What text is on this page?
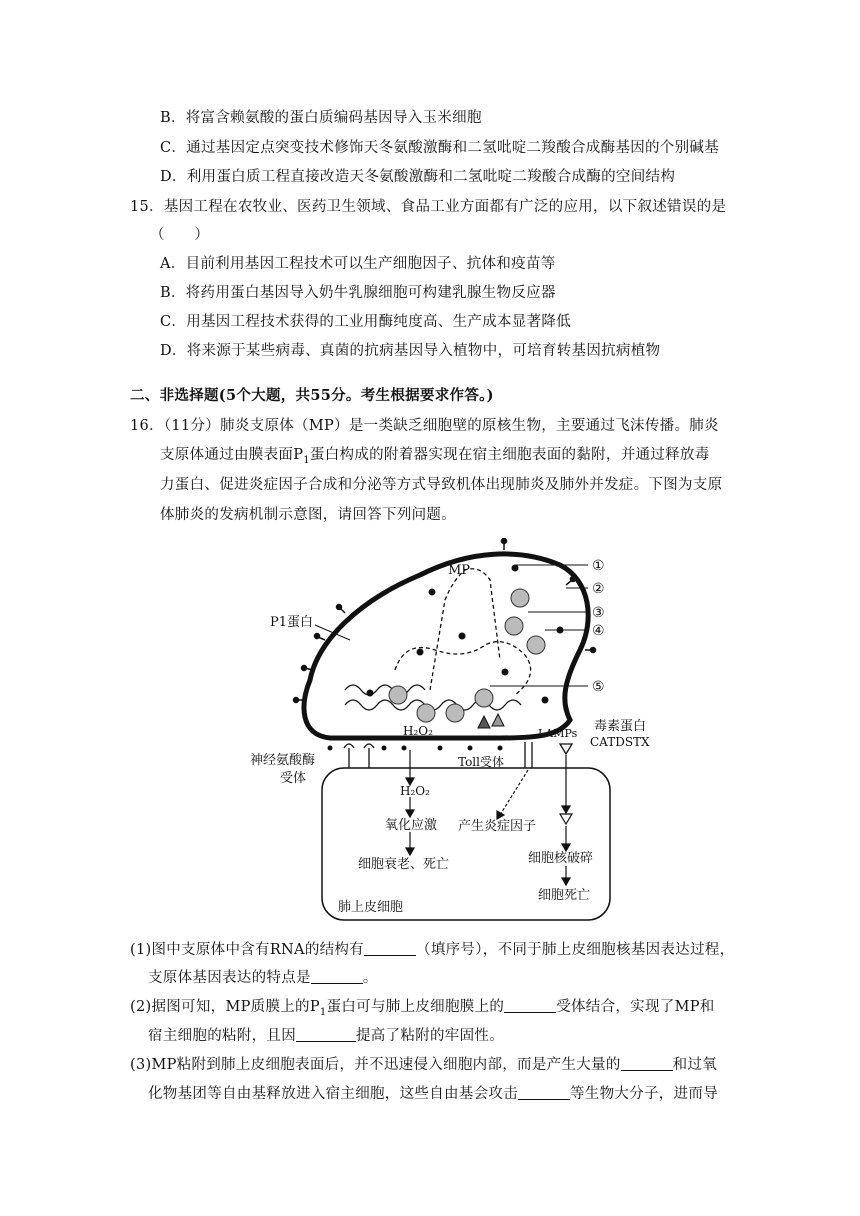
B．将富含赖氨酸的蛋白质编码基因导入玉米细胞
C．通过基因定点突变技术修饰天冬氨酸激酶和二氢吡啶二羧酸合成酶基因的个别碱基
D．利用蛋白质工程直接改造天冬氨酸激酶和二氢吡啶二羧酸合成酶的空间结构
15．基因工程在农牧业、医药卫生领域、食品工业方面都有广泛的应用，以下叙述错误的是
（　　）
A．目前利用基因工程技术可以生产细胞因子、抗体和疫苗等
B．将药用蛋白基因导入奶牛乳腺细胞可构建乳腺生物反应器
C．用基因工程技术获得的工业用酶纯度高、生产成本显著降低
D．将来源于某些病毒、真菌的抗病基因导入植物中，可培育转基因抗病植物
二、非选择题(5个大题，共55分。考生根据要求作答。)
16．（11分）肺炎支原体（MP）是一类缺乏细胞壁的原核生物，主要通过飞沫传播。肺炎
支原体通过由膜表面$P_1$蛋白构成的附着器实现在宿主细胞表面的黏附，并通过释放毒
力蛋白、促进炎症因子合成和分泌等方式导致机体出现肺炎及肺外并发症。下图为支原
体肺炎的发病机制示意图，请回答下列问题。
MP	①
②
③
④
⑤
P1蛋白
H₂O₂	LAMPs 毒素蛋白
CATDSTX
神经氨酸酶
受体
Toll受体
H₂O₂
氧化应激 产生炎症因子
细胞衰老、死亡	细胞核破碎
细胞死亡
肺上皮细胞
(1)图中支原体中含有RNA的结构有	（填序号），不同于肺上皮细胞核基因表达过程，
支原体基因表达的特点是	。
(2)据图可知，MP质膜上的$P_1$蛋白可与肺上皮细胞膜上的	受体结合，实现了MP和
宿主细胞的粘附，且因	提高了粘附的牢固性。
(3)MP粘附到肺上皮细胞表面后，并不迅速侵入细胞内部，而是产生大量的	和过氧
化物基团等自由基释放进入宿主细胞，这些自由基会攻击	等生物大分子，进而导
